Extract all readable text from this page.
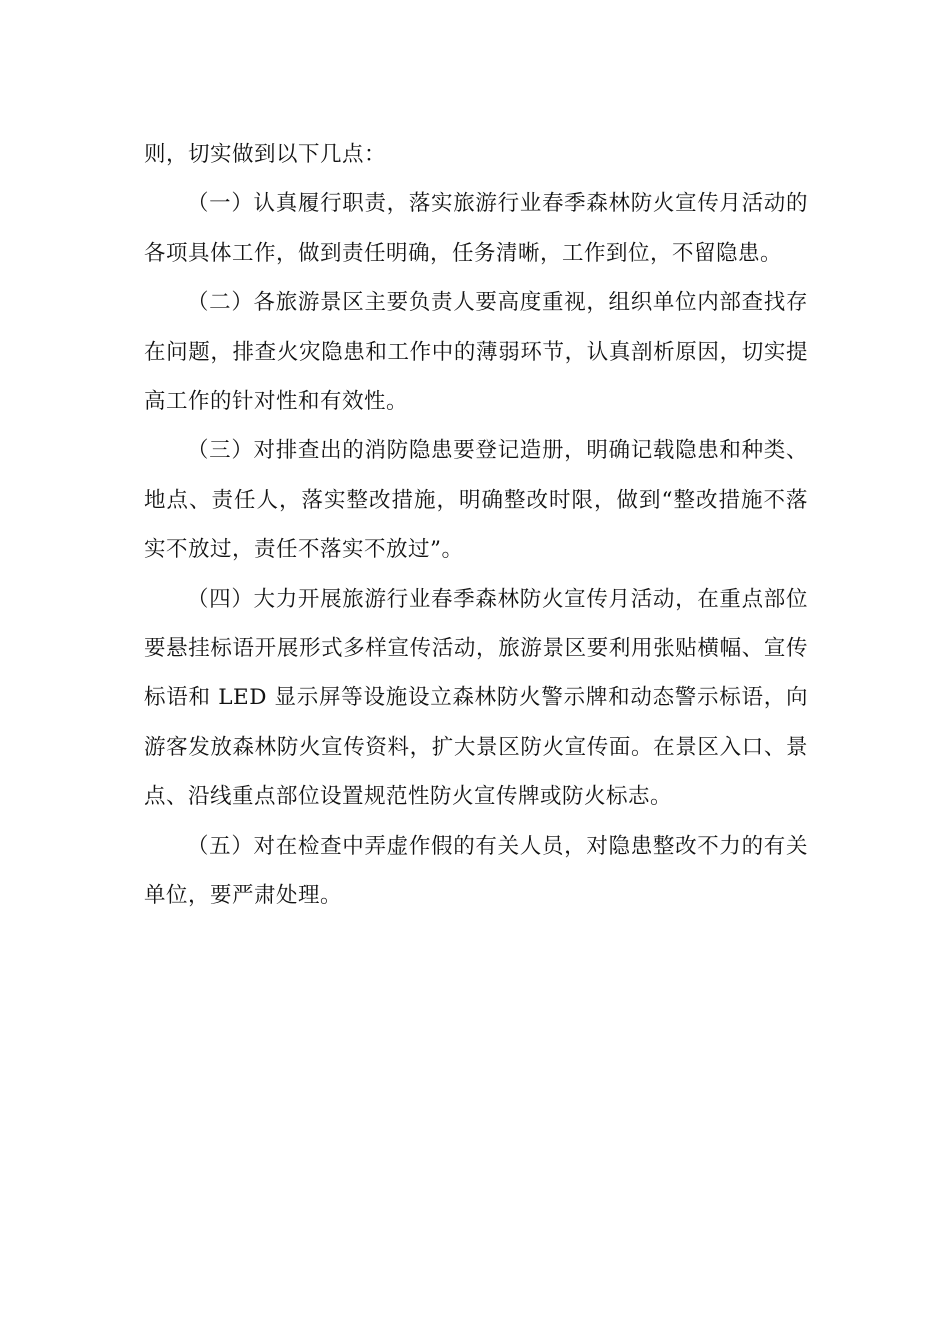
则，切实做到以下几点：

（一）认真履行职责，落实旅游行业春季森林防火宣传月活动的各项具体工作，做到责任明确，任务清晰，工作到位，不留隐患。

（二）各旅游景区主要负责人要高度重视，组织单位内部查找存在问题，排查火灾隐患和工作中的薄弱环节，认真剖析原因，切实提高工作的针对性和有效性。

（三）对排查出的消防隐患要登记造册，明确记载隐患和种类、地点、责任人，落实整改措施，明确整改时限，做到“整改措施不落实不放过，责任不落实不放过”。

（四）大力开展旅游行业春季森林防火宣传月活动，在重点部位要悬挂标语开展形式多样宣传活动，旅游景区要利用张贴横幅、宣传标语和 LED 显示屏等设施设立森林防火警示牌和动态警示标语，向游客发放森林防火宣传资料，扩大景区防火宣传面。在景区入口、景点、沿线重点部位设置规范性防火宣传牌或防火标志。

（五）对在检查中弄虚作假的有关人员，对隐患整改不力的有关单位，要严肃处理。
